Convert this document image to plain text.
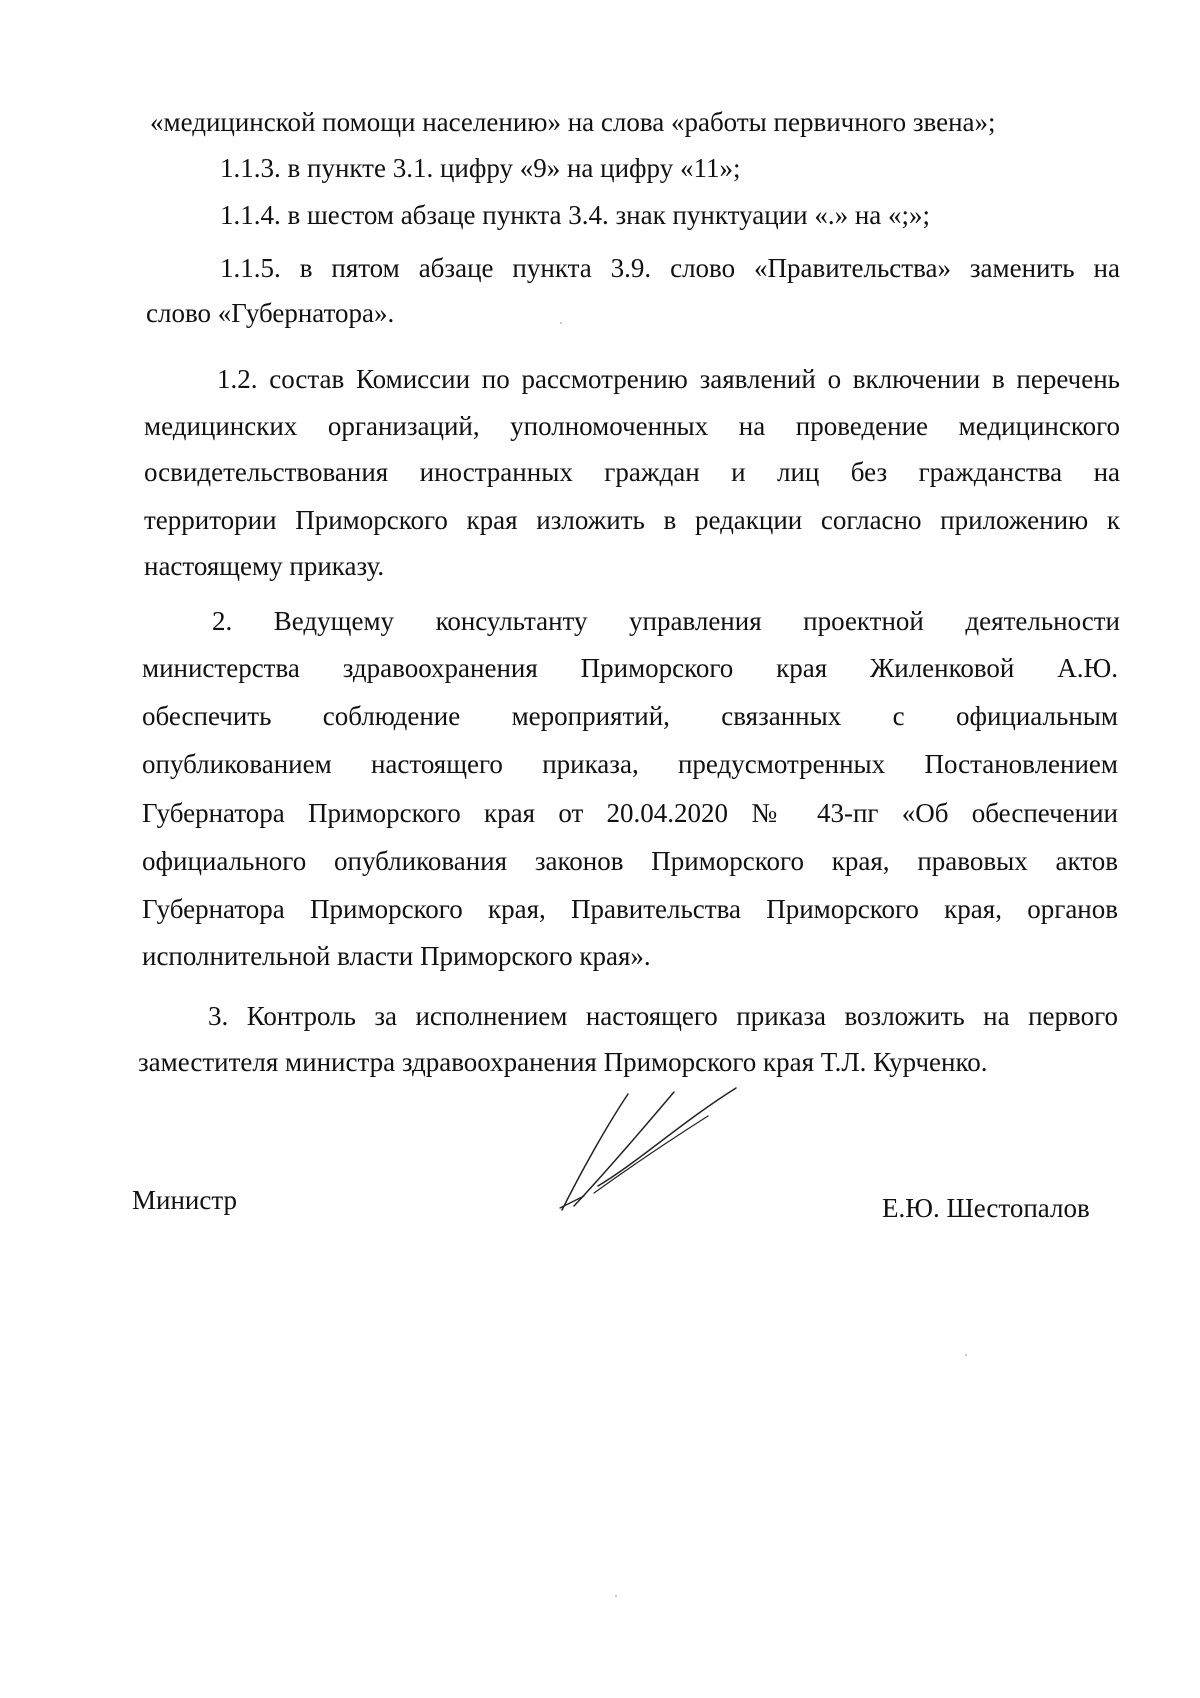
«медицинской помощи населению» на слова «работы первичного звена»;
1.1.3. в пункте 3.1. цифру «9» на цифру «11»;
1.1.4. в шестом абзаце пункта 3.4. знак пунктуации «.» на «;»;
1.1.5. в пятом абзаце пункта 3.9. слово «Правительства» заменить на
слово «Губернатора».
1.2. состав Комиссии по рассмотрению заявлений о включении в перечень
медицинских организаций, уполномоченных на проведение медицинского
освидетельствования иностранных граждан и лиц без гражданства на
территории Приморского края изложить в редакции согласно приложению к
настоящему приказу.
2. Ведущему консультанту управления проектной деятельности
министерства здравоохранения Приморского края Жиленковой А.Ю.
обеспечить соблюдение мероприятий, связанных с официальным
опубликованием настоящего приказа, предусмотренных Постановлением
Губернатора Приморского края от 20.04.2020 № 43-пг «Об обеспечении
официального опубликования законов Приморского края, правовых актов
Губернатора Приморского края, Правительства Приморского края, органов
исполнительной власти Приморского края».
3. Контроль за исполнением настоящего приказа возложить на первого
заместителя министра здравоохранения Приморского края Т.Л. Курченко.
Министр	Е.Ю. Шестопалов
